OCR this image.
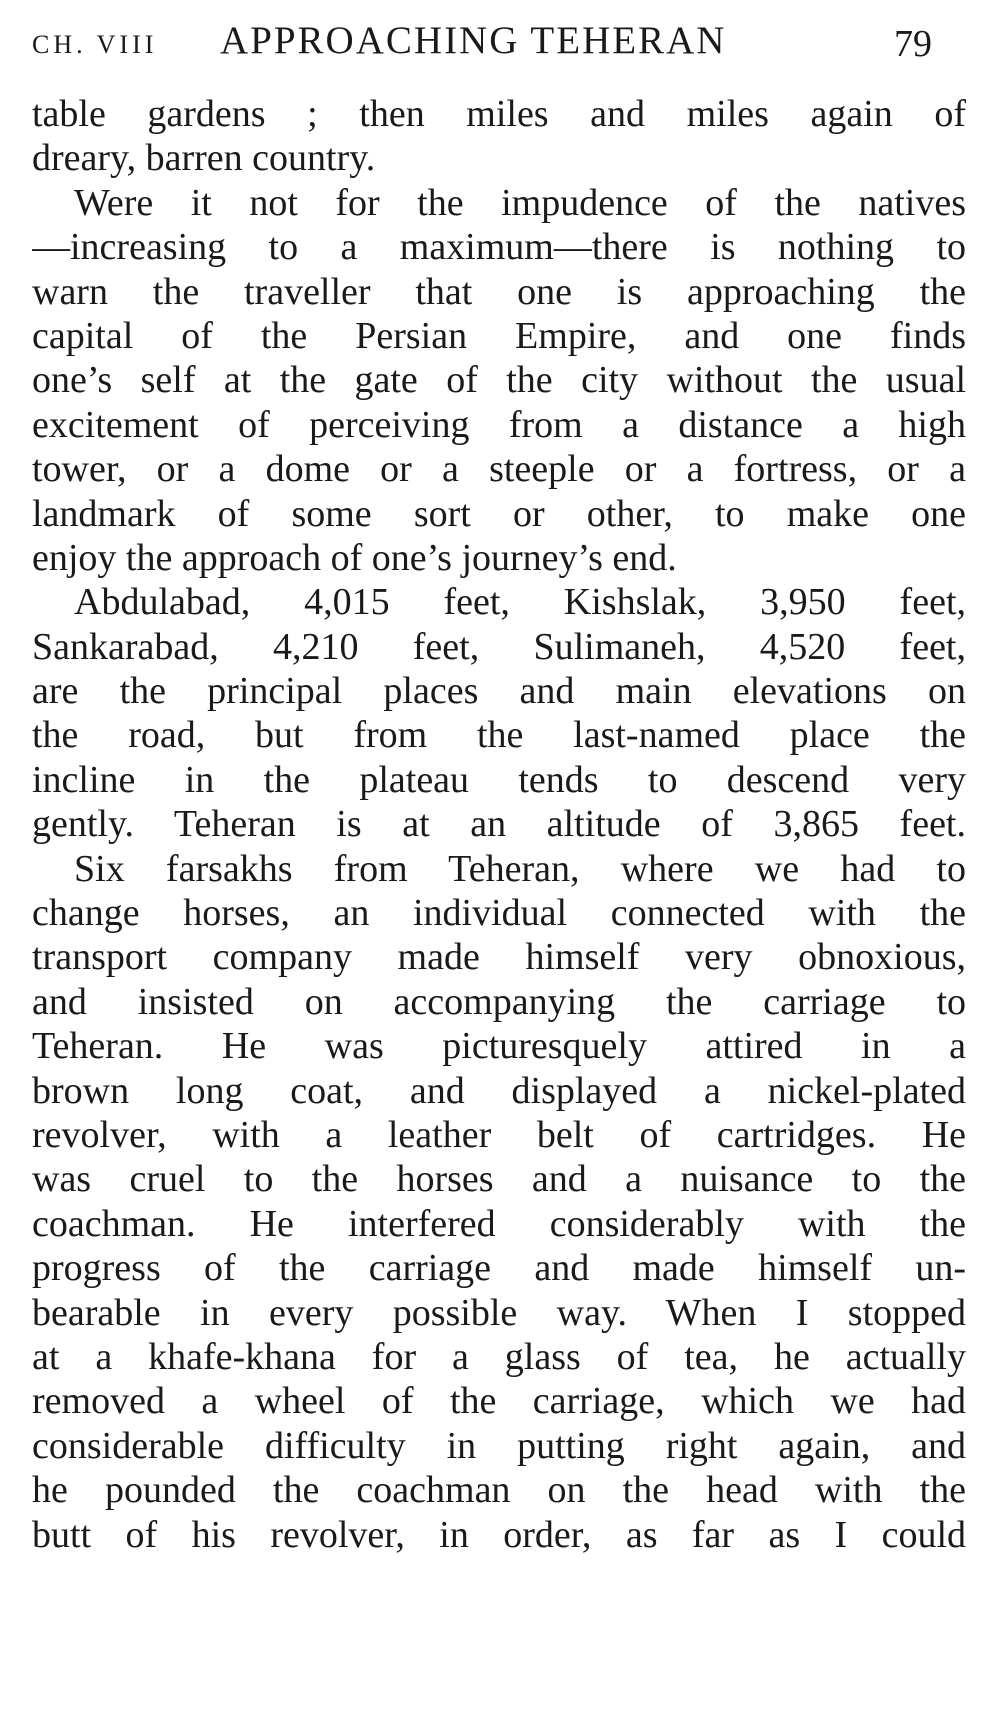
CH. VIII APPROACHING TEHERAN	79
table gardens ; then miles and miles again of
dreary, barren country.
Were it not for the impudence of the natives
—increasing to a maximum—there is nothing to
warn the traveller that one is approaching the
capital of the Persian Empire, and one finds
one’s self at the gate of the city without the usual
excitement of perceiving from a distance a high
tower, or a dome or a steeple or a fortress, or a
landmark of some sort or other, to make one
enjoy the approach of one’s journey’s end.
Abdulabad, 4,015 feet, Kishslak, 3,950 feet,
Sankarabad, 4,210 feet, Sulimaneh, 4,520 feet,
are the principal places and main elevations on
the road, but from the last-named place the
incline in the plateau tends to descend very
gently. Teheran is at an altitude of 3,865 feet.
Six farsakhs from Teheran, where we had to
change horses, an individual connected with the
transport company made himself very obnoxious,
and insisted on accompanying the carriage to
Teheran. He was picturesquely attired in a
brown long coat, and displayed a nickel-plated
revolver, with a leather belt of cartridges. He
was cruel to the horses and a nuisance to the
coachman. He interfered considerably with the
progress of the carriage and made himself un-
bearable in every possible way. When I stopped
at a khafe-khana for a glass of tea, he actually
removed a wheel of the carriage, which we had
considerable difficulty in putting right again, and
he pounded the coachman on the head with the
butt of his revolver, in order, as far as I could
